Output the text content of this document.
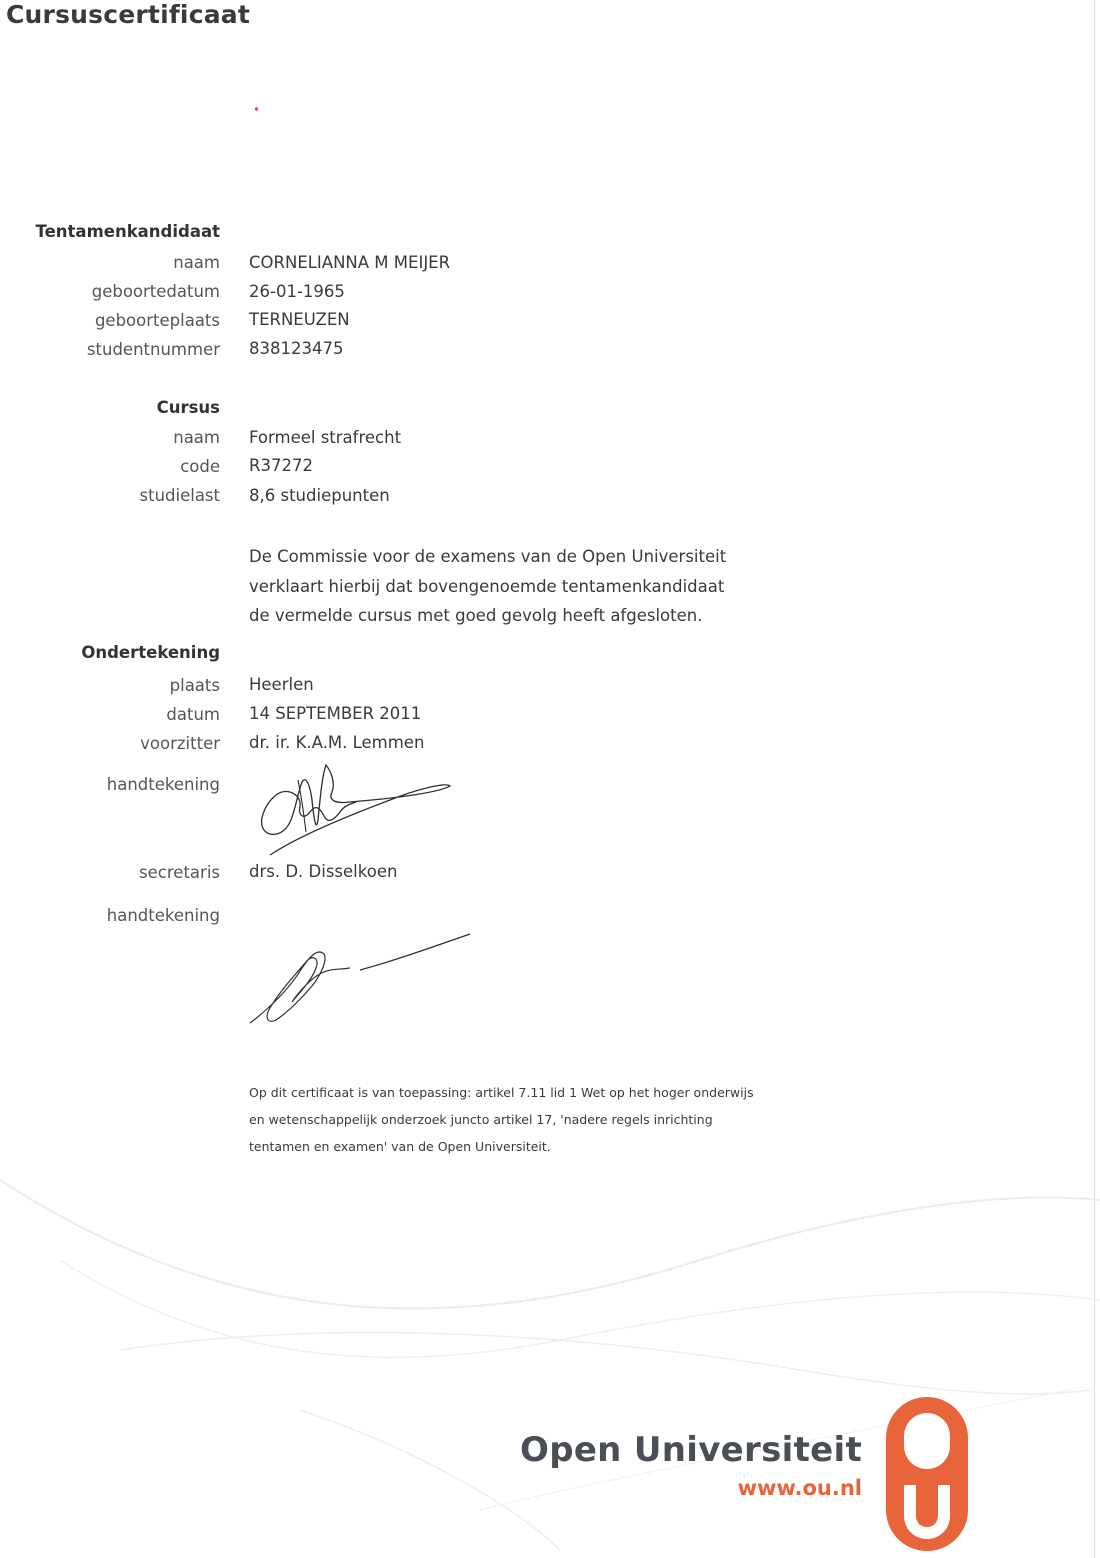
Cursuscertificaat
Tentamenkandidaat
naam CORNELIANNA M MEIJER
geboortedatum 26-01-1965
geboorteplaats TERNEUZEN
studentnummer 838123475
Cursus
naam Formeel strafrecht
code R37272
studielast 8,6 studiepunten
De Commissie voor de examens van de Open Universiteit
verklaart hierbij dat bovengenoemde tentamenkandidaat
de vermelde cursus met goed gevolg heeft afgesloten.
Ondertekening
plaats Heerlen
datum 14 SEPTEMBER 2011
voorzitter dr. ir. K.A.M. Lemmen
handtekening
secretaris drs. D. Disselkoen
handtekening
Op dit certificaat is van toepassing: artikel 7.11 lid 1 Wet op het hoger onderwijs
en wetenschappelijk onderzoek juncto artikel 17, 'nadere regels inrichting
tentamen en examen' van de Open Universiteit.
Open Universiteit
www.ou.nl
